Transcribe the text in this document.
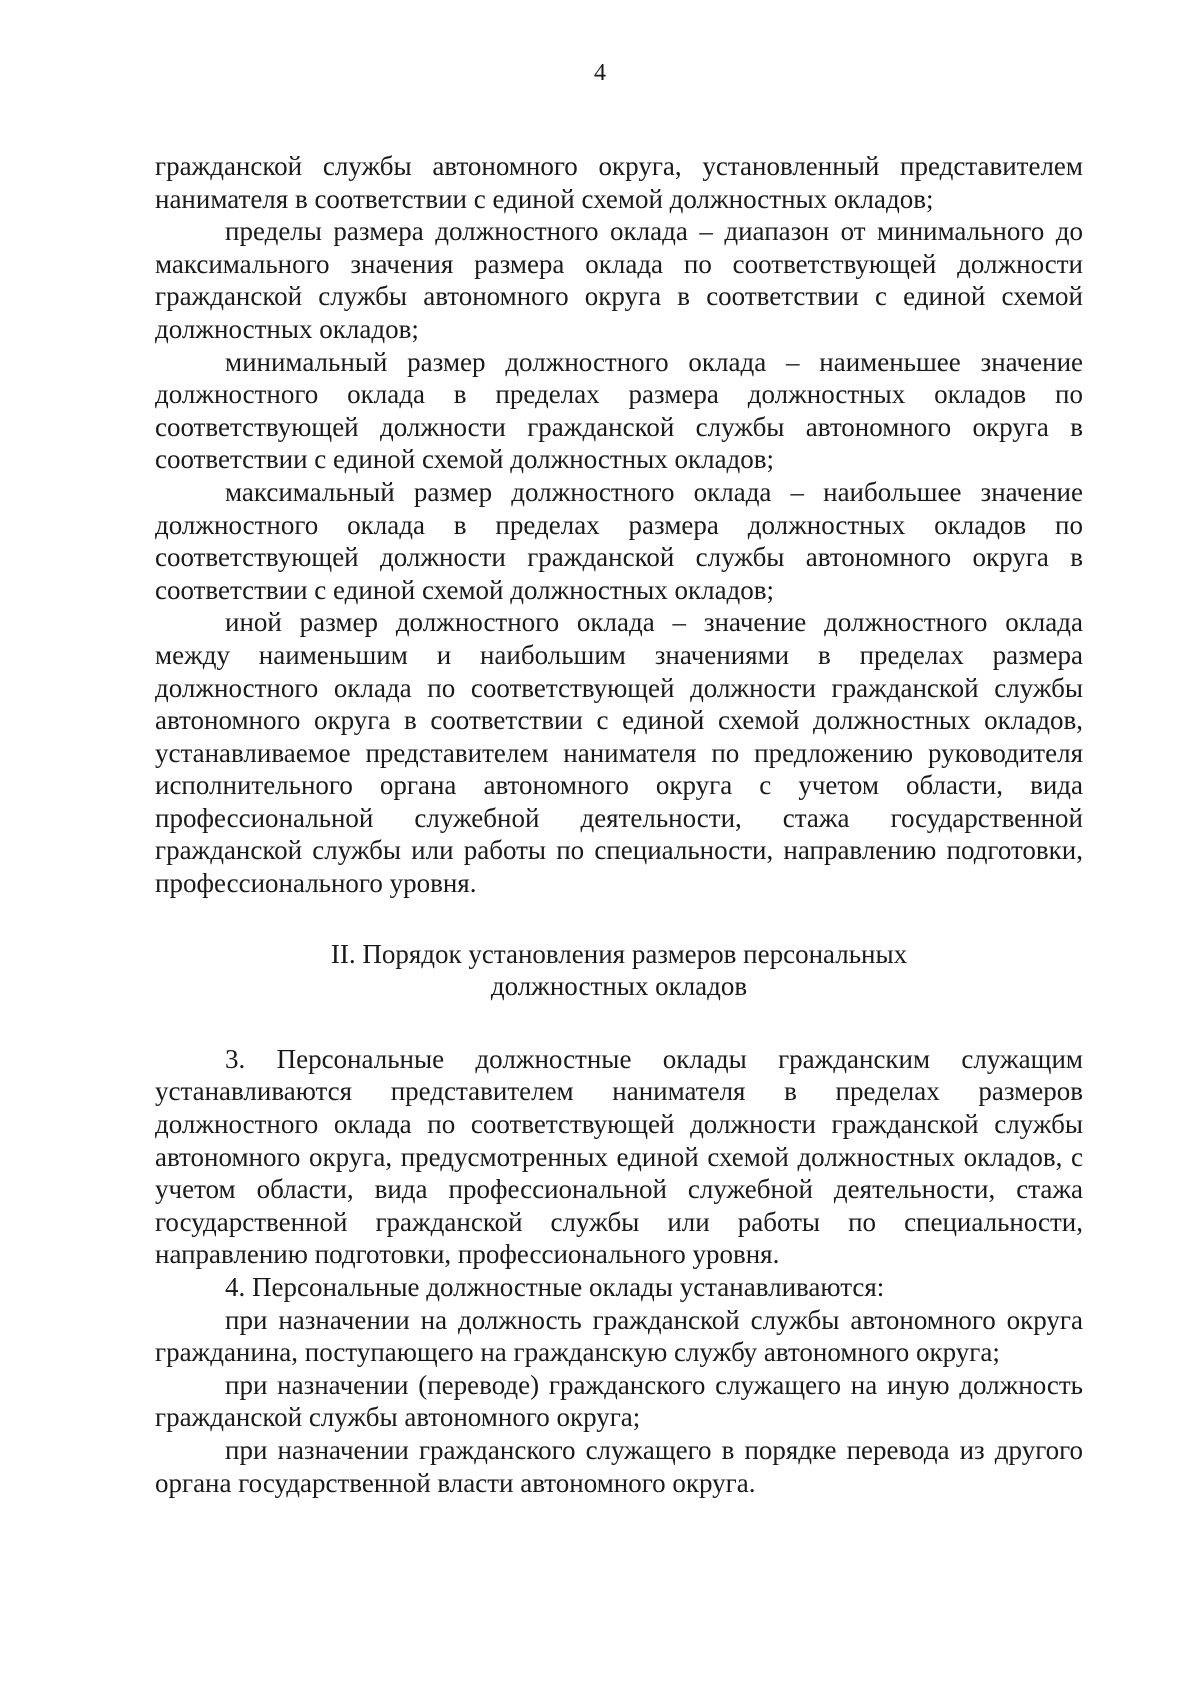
4

гражданской службы автономного округа, установленный представителем нанимателя в соответствии с единой схемой должностных окладов;

пределы размера должностного оклада – диапазон от минимального до максимального значения размера оклада по соответствующей должности гражданской службы автономного округа в соответствии с единой схемой должностных окладов;

минимальный размер должностного оклада – наименьшее значение должностного оклада в пределах размера должностных окладов по соответствующей должности гражданской службы автономного округа в соответствии с единой схемой должностных окладов;

максимальный размер должностного оклада – наибольшее значение должностного оклада в пределах размера должностных окладов по соответствующей должности гражданской службы автономного округа в соответствии с единой схемой должностных окладов;

иной размер должностного оклада – значение должностного оклада между наименьшим и наибольшим значениями в пределах размера должностного оклада по соответствующей должности гражданской службы автономного округа в соответствии с единой схемой должностных окладов, устанавливаемое представителем нанимателя по предложению руководителя исполнительного органа автономного округа с учетом области, вида профессиональной служебной деятельности, стажа государственной гражданской службы или работы по специальности, направлению подготовки, профессионального уровня.

II. Порядок установления размеров персональных
должностных окладов

3. Персональные должностные оклады гражданским служащим устанавливаются представителем нанимателя в пределах размеров должностного оклада по соответствующей должности гражданской службы автономного округа, предусмотренных единой схемой должностных окладов, с учетом области, вида профессиональной служебной деятельности, стажа государственной гражданской службы или работы по специальности, направлению подготовки, профессионального уровня.

4. Персональные должностные оклады устанавливаются:

при назначении на должность гражданской службы автономного округа гражданина, поступающего на гражданскую службу автономного округа;

при назначении (переводе) гражданского служащего на иную должность гражданской службы автономного округа;

при назначении гражданского служащего в порядке перевода из другого органа государственной власти автономного округа.
